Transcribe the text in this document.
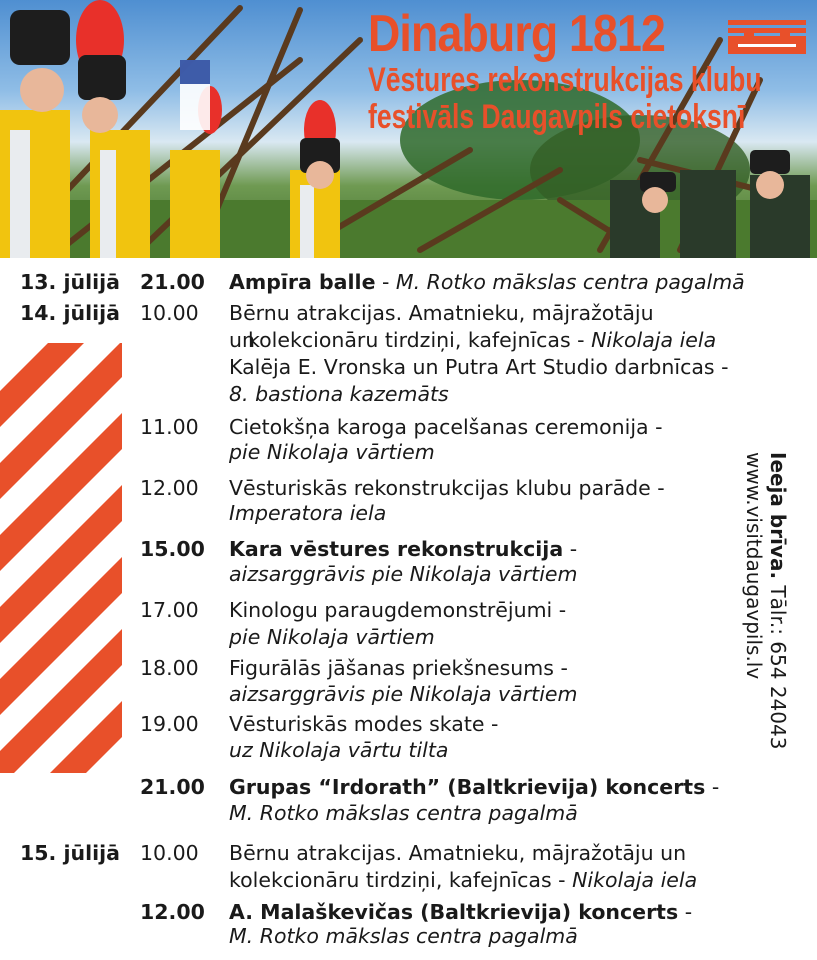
Dinaburg 1812
Vēstures rekonstrukcijas klubu
festivāls Daugavpils cietoksnī
13. jūlijā 21.00 Ampīra balle - M. Rotko mākslas centra pagalmā
14. jūlijā 10.00 Bērnu atrakcijas. Amatnieku, mājražotāju
un
kolekcionāru tirdziņi, kafejnīcas - Nikolaja iela
Kalēja E. Vronska un Putra Art Studio darbnīcas -
8. bastiona kazemāts
11.00 Cietokšņa karoga pacelšanas ceremonija -
pie Nikolaja vārtiem
12.00 Vēsturiskās rekonstrukcijas klubu parāde -
Imperatora iela
15.00 Kara vēstures rekonstrukcija -
aizsarggrāvis pie Nikolaja vārtiem
17.00 Kinologu paraugdemonstrējumi -
pie Nikolaja vārtiem
18.00 Figurālās jāšanas priekšnesums -
aizsarggrāvis pie Nikolaja vārtiem
19.00 Vēsturiskās modes skate -
uz Nikolaja vārtu tilta
21.00 Grupas “Irdorath” (Baltkrievija) koncerts -
M. Rotko mākslas centra pagalmā
15. jūlijā 10.00 Bērnu atrakcijas. Amatnieku, mājražotāju un
kolekcionāru tirdziņi, kafejnīcas - Nikolaja iela
12.00 A. Malaškevičas (Baltkrievija) koncerts -
M. Rotko mākslas centra pagalmā
Ieeja brīva. Tālr.: 654 24043
www.visitdaugavpils.lv
